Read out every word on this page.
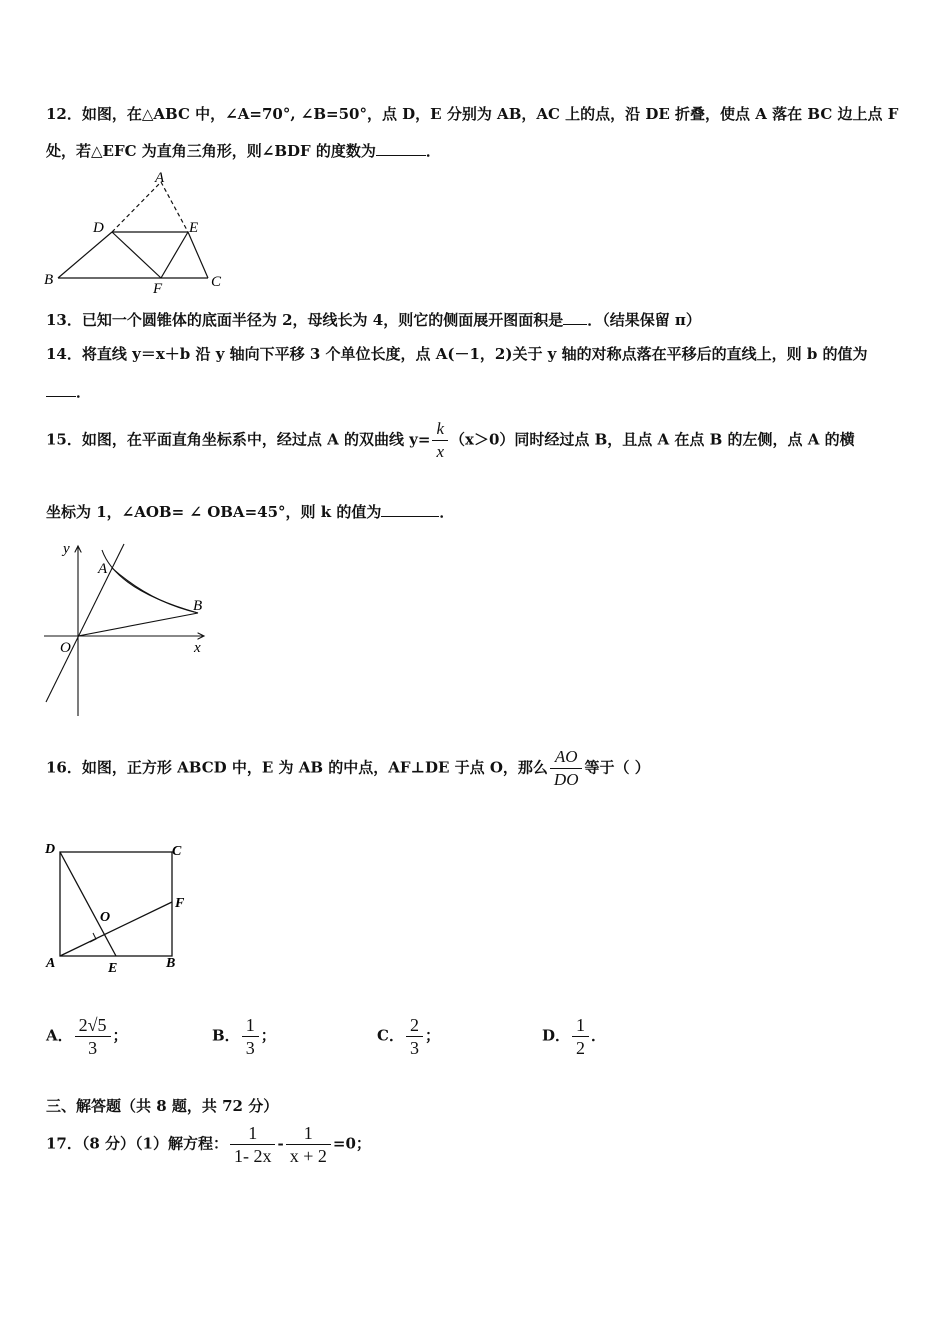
12．如图，在△ABC 中，∠A=70°, ∠B=50°，点 D，E 分别为 AB，AC 上的点，沿 DE 折叠，使点 A 落在 BC 边上点 F
处，若△EFC 为直角三角形，则∠BDF 的度数为	．
A
D	E
B
F	C
13．已知一个圆锥体的底面半径为 2，母线长为 4，则它的侧面展开图面积是 ．（结果保留 π）
14．将直线 y＝x＋b 沿 y 轴向下平移 3 个单位长度，点 A(－1，2)关于 y 轴的对称点落在平移后的直线上，则 b 的值为
．
15．如图，在平面直角坐标系中，经过点 A 的双曲线 $y= \frac{k}{x} (x>0)$同时经过点 B，且点 A 在点 B 的左侧，点 A 的横
坐标为 1，∠AOB= ∠ OBA=45°，则 k 的值为	．
y
A
B
O	x
16．如图，正方形 ABCD 中，E 为 AB 的中点，AF⊥DE 于点 O，那么 $\frac{AO}{DO}$ 等于（ ）
D	C
F
O
A	E	B
A． $\frac{2√5}{3}$ ；	B． $\frac{1}{3}$ ；	C． $\frac{2}{3}$ ；	D． $\frac{1}{2}$ ．
三、解答题（共 8 题，共 72 分）
17．（8 分）（1）解方程： $\frac{1}{1- 2x} - \frac{1}{x + 2} =0$；
